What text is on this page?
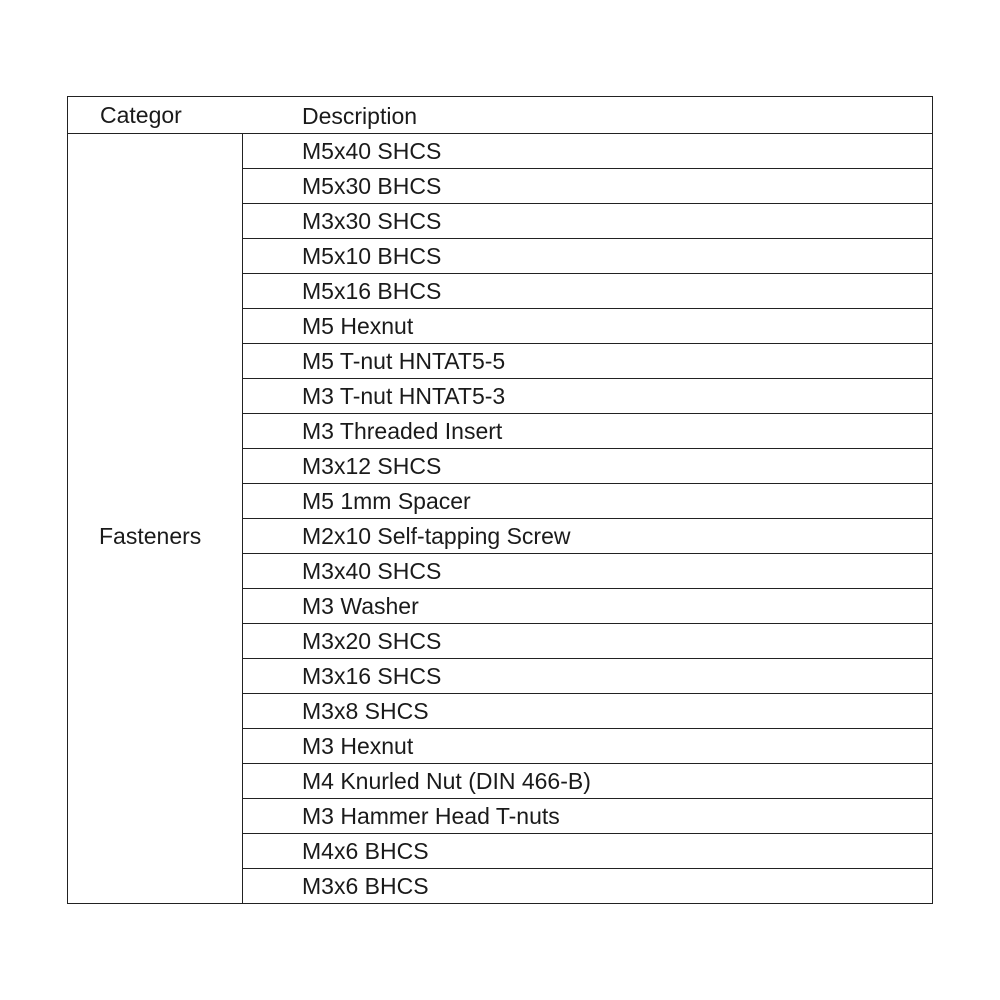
Categor	Description
Fasteners
M5x40 SHCS
M5x30 BHCS
M3x30 SHCS
M5x10 BHCS
M5x16 BHCS
M5 Hexnut
M5 T-nut HNTAT5-5
M3 T-nut HNTAT5-3
M3 Threaded Insert
M3x12 SHCS
M5 1mm Spacer
M2x10 Self-tapping Screw
M3x40 SHCS
M3 Washer
M3x20 SHCS
M3x16 SHCS
M3x8 SHCS
M3 Hexnut
M4 Knurled Nut (DIN 466-B)
M3 Hammer Head T-nuts
M4x6 BHCS
M3x6 BHCS
